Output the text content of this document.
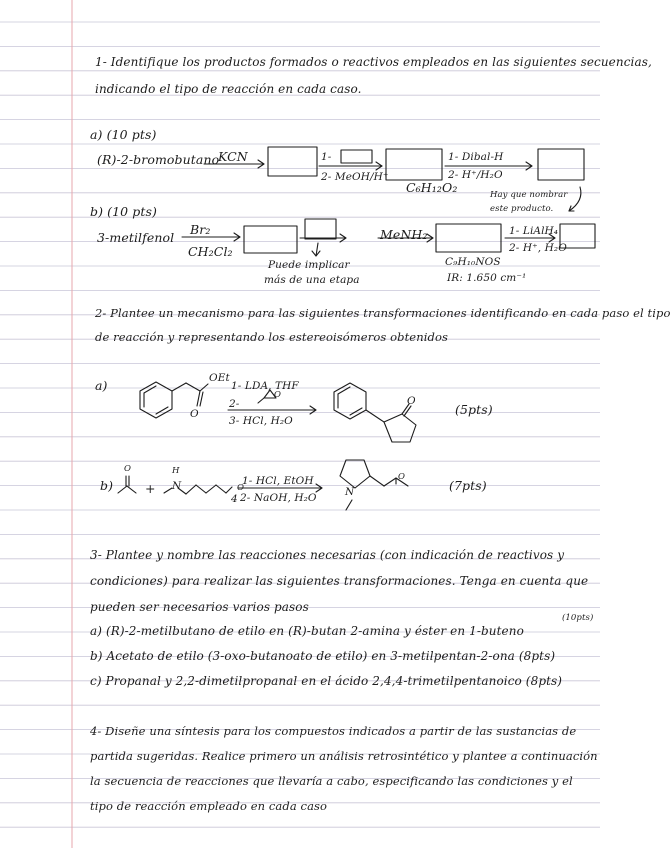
1- Identifique los productos formados o reactivos empleados en las siguientes secuencias,
indicando el tipo de reacción en cada caso.
a) (10 pts)
(R)-2-bromobutano
KCN	1-
2- MeOH/H⁺
C₆H₁₂O₂
1- Dibal-H
2- H⁺/H₂O
Hay que nombrar
este producto.
b) (10 pts)
3-metilfenol
Br₂
CH₂Cl₂
Puede implicar
más de una etapa
MeNH₂
C₉H₁₀NOS
IR: 1.650 cm⁻¹
1- LiAlH₄
2- H⁺, H₂O
2- Plantee un mecanismo para las siguientes transformaciones identificando en cada paso el tipo
de reacción y representando los estereoisómeros obtenidos
a)	OEt
1- LDA, THF
2-
3- HCl, H₂O
(5pts)
O
O
O
b)	+
O	H
N	O
4
1- HCl, EtOH
2- NaOH, H₂O	N
O
(7pts)
3- Plantee y nombre las reacciones necesarias (con indicación de reactivos y
condiciones) para realizar las siguientes transformaciones. Tenga en cuenta que
pueden ser necesarios varios pasos
(10pts)
a) (R)-2-metilbutano de etilo en (R)-butan 2-amina y éster en 1-buteno
b) Acetato de etilo (3-oxo-butanoato de etilo) en 3-metilpentan-2-ona (8pts)
c) Propanal y 2,2-dimetilpropanal en el ácido 2,4,4-trimetilpentanoico (8pts)
4- Diseñe una síntesis para los compuestos indicados a partir de las sustancias de
partida sugeridas. Realice primero un análisis retrosintético y plantee a continuación
la secuencia de reacciones que llevaría a cabo, especificando las condiciones y el
tipo de reacción empleado en cada caso
